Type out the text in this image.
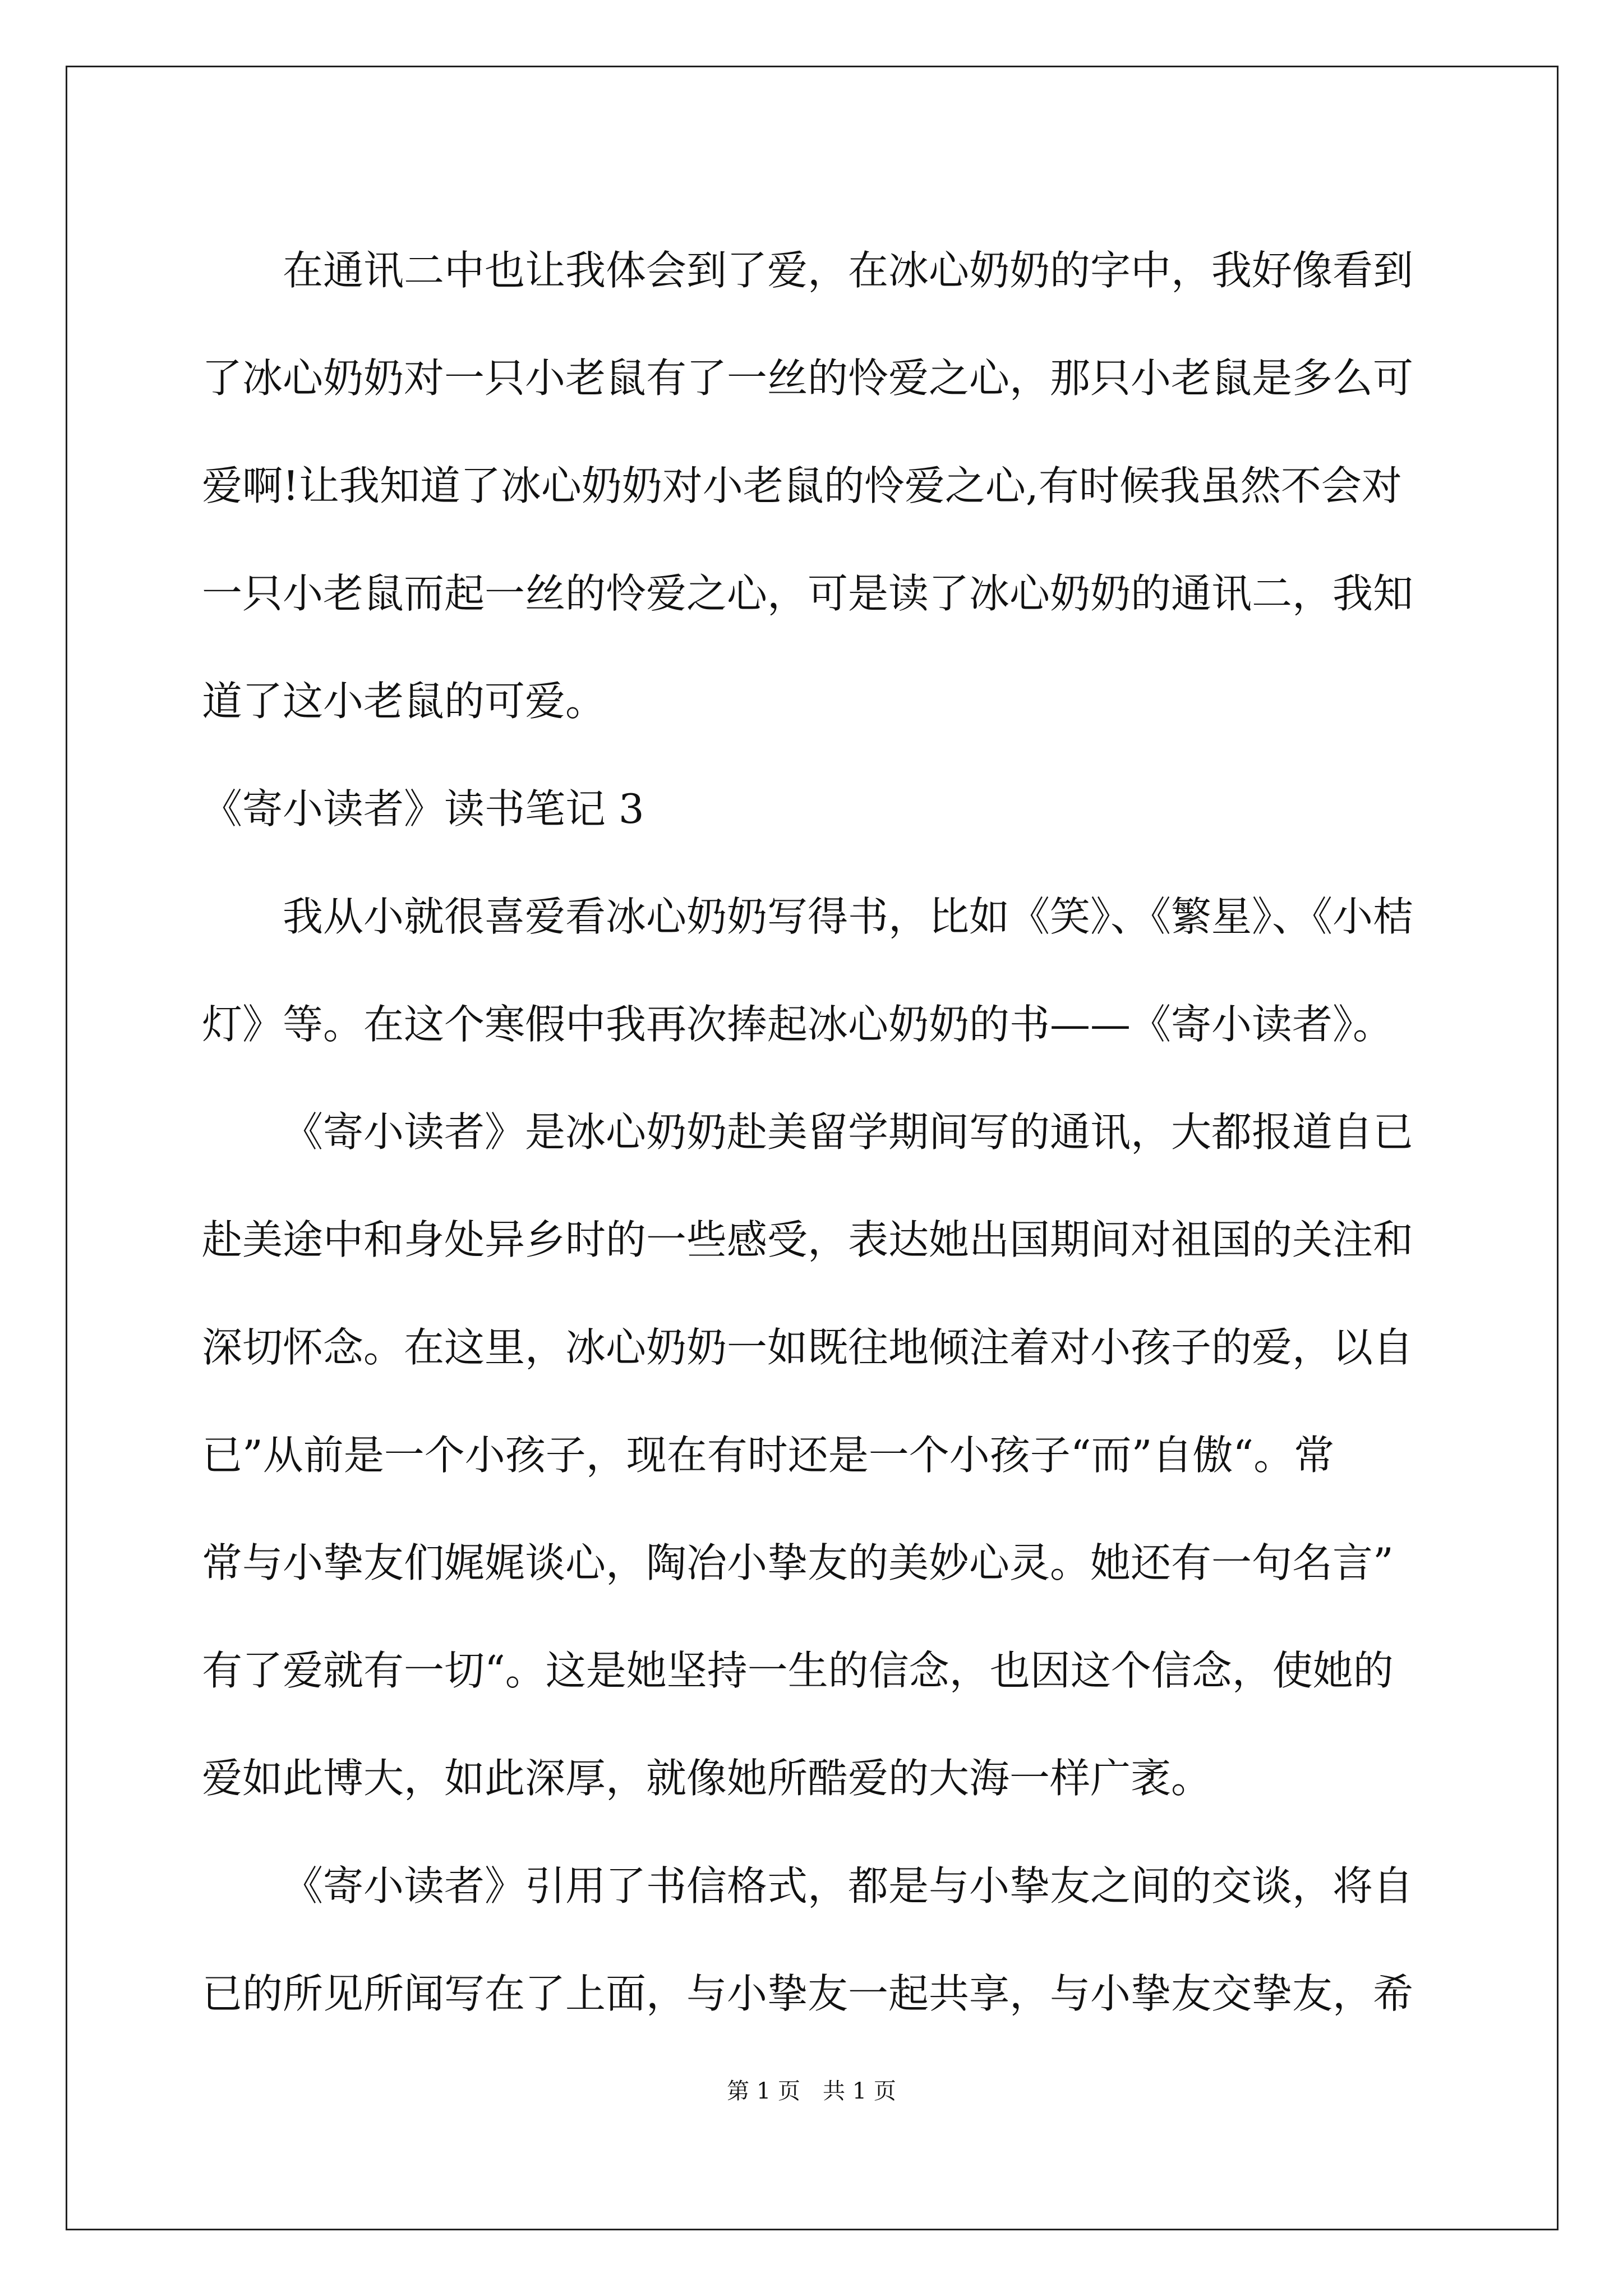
在通讯二中也让我体会到了爱，在冰心奶奶的字中，我好像看到
了冰心奶奶对一只小老鼠有了一丝的怜爱之心，那只小老鼠是多么可
爱啊!让我知道了冰心奶奶对小老鼠的怜爱之心,有时候我虽然不会对
一只小老鼠而起一丝的怜爱之心，可是读了冰心奶奶的通讯二，我知
道了这小老鼠的可爱。
《寄小读者》读书笔记 3
我从小就很喜爱看冰心奶奶写得书，比如《笑》、《繁星》、《小桔
灯》等。在这个寒假中我再次捧起冰心奶奶的书——《寄小读者》。
《寄小读者》是冰心奶奶赴美留学期间写的通讯，大都报道自已
赴美途中和身处异乡时的一些感受，表达她出国期间对祖国的关注和
深切怀念。在这里，冰心奶奶一如既往地倾注着对小孩子的爱，以自
已”从前是一个小孩子，现在有时还是一个小孩子“而”自傲“。常
常与小挚友们娓娓谈心，陶冶小挚友的美妙心灵。她还有一句名言”
有了爱就有一切“。这是她坚持一生的信念，也因这个信念，使她的
爱如此博大，如此深厚，就像她所酷爱的大海一样广袤。
《寄小读者》引用了书信格式，都是与小挚友之间的交谈，将自
已的所见所闻写在了上面，与小挚友一起共享，与小挚友交挚友，希
第 1 页　共 1 页
